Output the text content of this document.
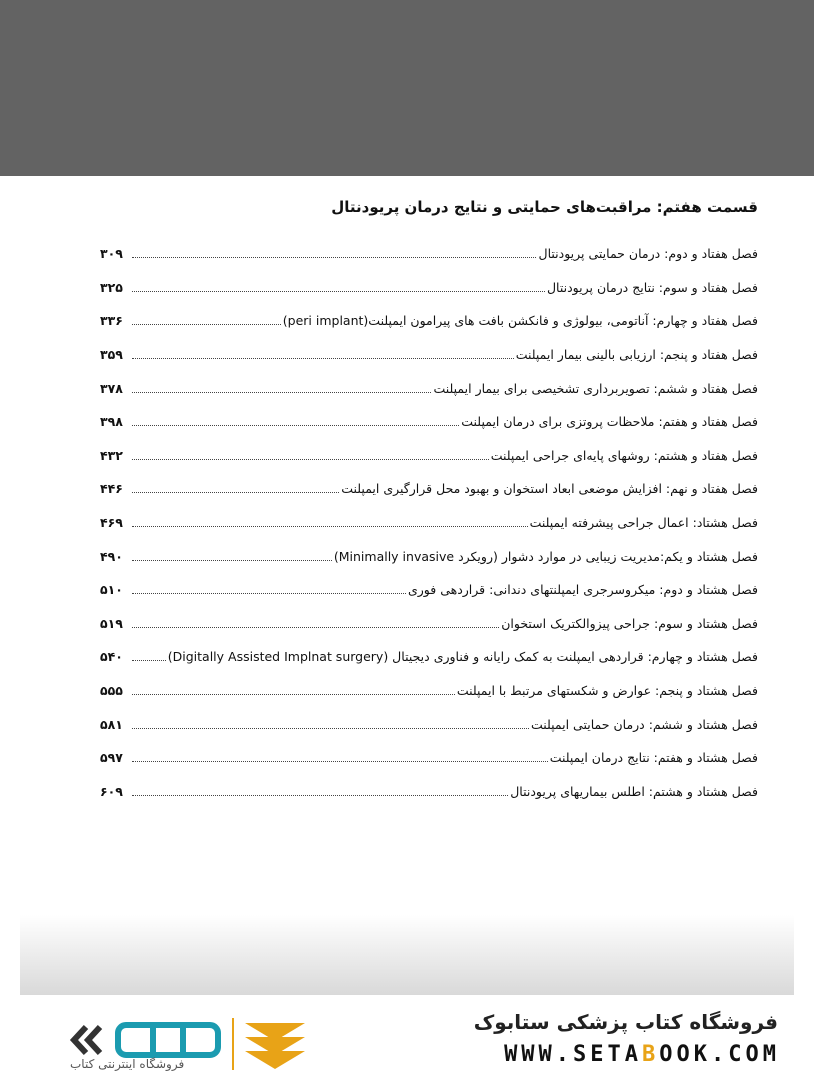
قسمت هفتم: مراقبت‌های حمایتی و نتایج درمان پریودنتال
فصل هفتاد و دوم: درمان حمایتی پریودنتال
۳۰۹
فصل هفتاد و سوم: نتایج درمان پریودنتال
۳۲۵
فصل هفتاد و چهارم: آناتومی، بیولوژی و فانکشن بافت های پیرامون ایمپلنت(peri implant)
۳۳۶
فصل هفتاد و پنجم: ارزیابی بالینی بیمار ایمپلنت
۳۵۹
فصل هفتاد و ششم: تصویربرداری تشخیصی برای بیمار ایمپلنت
۳۷۸
فصل هفتاد و هفتم: ملاحظات پروتزی برای درمان ایمپلنت
۳۹۸
فصل هفتاد و هشتم: روشهای پایه‌ای جراحی ایمپلنت
۴۳۲
فصل هفتاد و نهم: افزایش موضعی ابعاد استخوان و بهبود محل قرارگیری ایمپلنت
۴۴۶
فصل هشتاد: اعمال جراحی پیشرفته ایمپلنت
۴۶۹
فصل هشتاد و یکم:مدیریت زیبایی در موارد دشوار (رویکرد Minimally invasive)
۴۹۰
فصل هشتاد و دوم: میکروسرجری ایمپلنتهای دندانی: قراردهی فوری
۵۱۰
فصل هشتاد و سوم: جراحی پیزوالکتریک استخوان
۵۱۹
فصل هشتاد و چهارم: قراردهی ایمپلنت به کمک رایانه و فناوری دیجیتال (Digitally Assisted Implnat surgery)
۵۴۰
فصل هشتاد و پنجم: عوارض و شکستهای مرتبط با ایمپلنت
۵۵۵
فصل هشتاد و ششم: درمان حمایتی ایمپلنت
۵۸۱
فصل هشتاد و هفتم: نتایج درمان ایمپلنت
۵۹۷
فصل هشتاد و هشتم: اطلس بیماریهای پریودنتال
۶۰۹
فروشگاه اینترنتی کتاب
فروشگاه کتاب پزشکی ستابوک
WWW.SETABOOK.COM
